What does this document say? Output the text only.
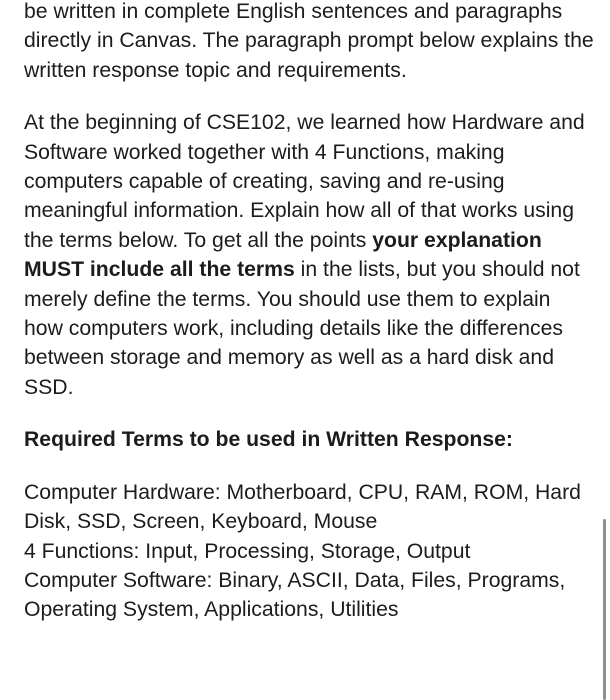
be written in complete English sentences and paragraphs directly in Canvas. The paragraph prompt below explains the written response topic and requirements.

At the beginning of CSE102, we learned how Hardware and Software worked together with 4 Functions, making computers capable of creating, saving and re-using meaningful information. Explain how all of that works using the terms below. To get all the points your explanation MUST include all the terms in the lists, but you should not merely define the terms. You should use them to explain how computers work, including details like the differences between storage and memory as well as a hard disk and SSD.

Required Terms to be used in Written Response:

Computer Hardware: Motherboard, CPU, RAM, ROM, Hard Disk, SSD, Screen, Keyboard, Mouse

4 Functions: Input, Processing, Storage, Output

Computer Software: Binary, ASCII, Data, Files, Programs, Operating System, Applications, Utilities
